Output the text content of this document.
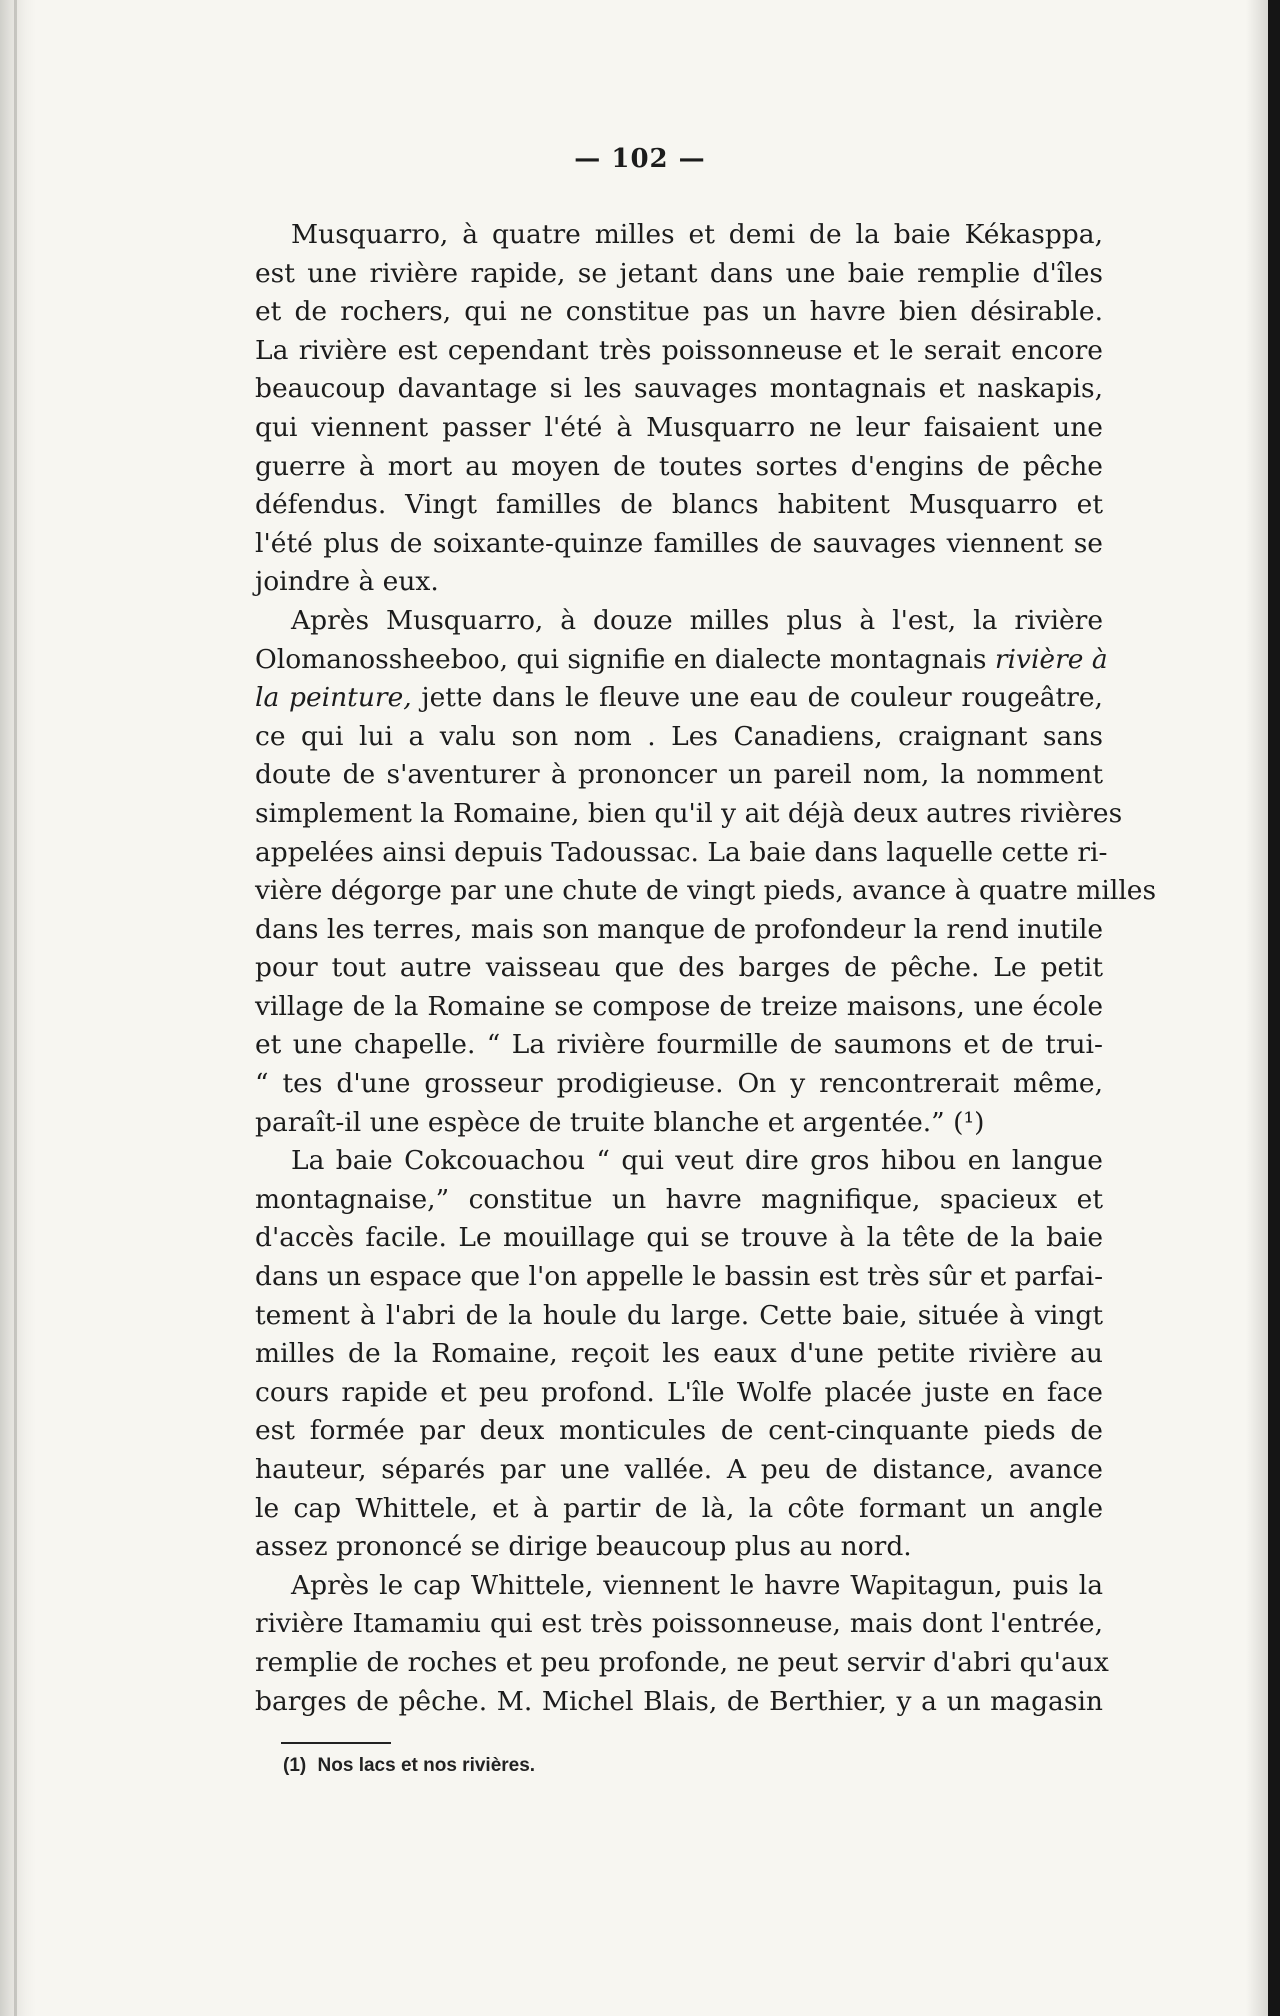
— 102 —
Musquarro, à quatre milles et demi de la baie Kékasppa,
est une rivière rapide, se jetant dans une baie remplie d'îles
et de rochers, qui ne constitue pas un havre bien désirable.
La rivière est cependant très poissonneuse et le serait encore
beaucoup davantage si les sauvages montagnais et naskapis,
qui viennent passer l'été à Musquarro ne leur faisaient une
guerre à mort au moyen de toutes sortes d'engins de pêche
défendus. Vingt familles de blancs habitent Musquarro et
l'été plus de soixante-quinze familles de sauvages viennent se
joindre à eux.
Après Musquarro, à douze milles plus à l'est, la rivière
Olomanossheeboo, qui signifie en dialecte montagnais rivière à
la peinture, jette dans le fleuve une eau de couleur rougeâtre,
ce qui lui a valu son nom . Les Canadiens, craignant sans
doute de s'aventurer à prononcer un pareil nom, la nomment
simplement la Romaine, bien qu'il y ait déjà deux autres rivières
appelées ainsi depuis Tadoussac. La baie dans laquelle cette ri-
vière dégorge par une chute de vingt pieds, avance à quatre milles
dans les terres, mais son manque de profondeur la rend inutile
pour tout autre vaisseau que des barges de pêche. Le petit
village de la Romaine se compose de treize maisons, une école
et une chapelle. “ La rivière fourmille de saumons et de trui-
“ tes d'une grosseur prodigieuse. On y rencontrerait même,
paraît-il une espèce de truite blanche et argentée.” (¹)
La baie Cokcouachou “ qui veut dire gros hibou en langue
montagnaise,” constitue un havre magnifique, spacieux et
d'accès facile. Le mouillage qui se trouve à la tête de la baie
dans un espace que l'on appelle le bassin est très sûr et parfai-
tement à l'abri de la houle du large. Cette baie, située à vingt
milles de la Romaine, reçoit les eaux d'une petite rivière au
cours rapide et peu profond. L'île Wolfe placée juste en face
est formée par deux monticules de cent-cinquante pieds de
hauteur, séparés par une vallée. A peu de distance, avance
le cap Whittele, et à partir de là, la côte formant un angle
assez prononcé se dirige beaucoup plus au nord.
Après le cap Whittele, viennent le havre Wapitagun, puis la
rivière Itamamiu qui est très poissonneuse, mais dont l'entrée,
remplie de roches et peu profonde, ne peut servir d'abri qu'aux
barges de pêche. M. Michel Blais, de Berthier, y a un magasin
(1) Nos lacs et nos rivières.
